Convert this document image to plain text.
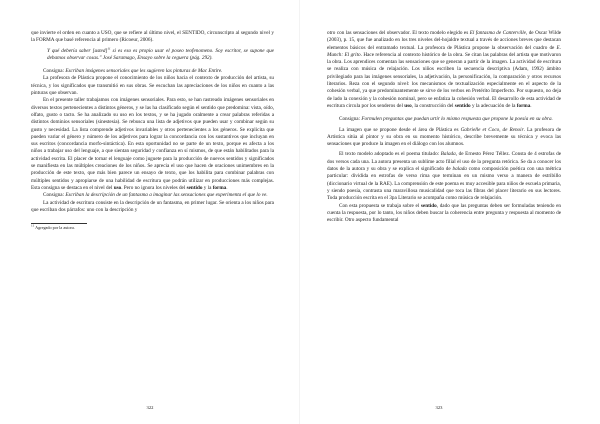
que invierte el orden en cuanto a USO, que se refiere al último nivel, el SENTIDO, circunscripto al segundo nivel y la FORMA que basé referencia al primero (Ricoeur, 2006).

Y qué debería saber [usted]$^{11}$ si es eso es propio usar el poseo teofenomeno. Soy escritor, se supone que debamos observar cosas." José Saramago, Ensayo sobre la ceguera (pág. 292).

Consigna: Escriban imágenes sensoriales que les sugieren las pinturas de Mac Entire.

La profesora de Plástica propone el conocimiento de los niños hacia el contexto de producción del artista, su técnica, y los significados que transmitió en sus obras. Se escuchan las apreciaciones de los niños en cuanto a las pinturas que observan.

En el presente taller trabajamos con imágenes sensoriales. Para esto, se han rastreado imágenes sensoriales en diversos textos pertenecientes a distintos géneros, y se las ha clasificado según el sentido que predomina: vista, oído, olfato, gusto o tacto. Se ha analizado su uso en los textos, y se ha jugado oralmente a crear palabras referidas a distintos dominios sensoriales (sinestesia). Se rebusca una lista de adjetivos que pueden usar y combinar según su gusto y necesidad. La lista comprende adjetivos invariables y otros pertenecientes a los géneros. Se explicita que pueden variar el género y número de los adjetivos para lograr la concordancia con los sustantivos que incluyan en sus escritos (concordancia morfo-sintáctica). En esta oportunidad no se parte de un texto, porque es afecta a los niños a trabajar uso del lenguaje, a que sientan seguridad y confianza en sí mismos, de que están habilitados para la actividad escrita. El placer de tornar el lenguaje como juguete para la producción de nuevos sentidos y significados se manifiesta en las múltiples creaciones de los niños. Se aprecia el uso que hacen de oraciones unimembres en la producción de este texto, que más bien parece un ensayo de texto, que los habilita para combinar palabras con múltiples sentidos y apropiarse de una habilidad de escritura que podrán utilizar en producciones más complejas. Esta consigna se destaca en el nivel del uso. Pero no ignora los niveles del sentido y la forma.

Consigna: Escriban la descripción de un fantasma a imaginar las sensaciones que experimenta el que lo ve.

La actividad de escritura consiste en la descripción de un fantasma, en primer lugar. Se orienta a los niños para que escriban dos párrafos: uno con la descripción y

$^{11}$ Agregado por la autora.

322

otro con las sensaciones del observador. El texto modelo elegido es El fantasma de Canterville, de Oscar Wilde (2003), p. 15, que fue analizado en los tres niveles del-hojaldre textual a través de acciones breves que destacan elementos básicos del entramado textual. La profesora de Plástica propone la observación del cuadro de E. Munch: El grito. Hace referencia al contexto histórico de la obra. Se citan las palabras del artista que motivaron la obra. Los aprendices comentan las sensaciones que se generan a partir de la imagen. La actividad de escritura se realiza con música de relajación. Los niños escriben la secuencia descriptiva (Adam, 1992) ámbito privilegiado para las imágenes sensoriales, la adjetivación, la personificación, la comparación y otros recursos literarios. Reza con el segundo nivel: los mecanismos de textualización especialmente en el aspecto de la cohesión verbal, ya que predominantemente se sirve de los verbos en Pretérito Imperfecto. Por supuesto, no deja de lado la conexión y la cohesión nominal, pero se enfatiza la cohesión verbal. El desarrollo de esta actividad de escritura circula por los senderos del uso, la construcción del sentido y la adecuación de la forma.

Consigna: Formulen preguntas que puedan urtir lo mismo respuesta que propone la poesía en su obra.

La imagen que se propone desde el área de Plástica es Gabrielle et Coco, de Renoir. La profesora de Artística sitúa al pintor y su obra en su momento histórico, describe brevemente su técnica y evoca las sensaciones que produce la imagen en el diálogo con los alumnos.

El texto modelo adoptado es el poema titulado: Balada, de Ernesto Pérez Téllez. Consta de 4 estrofas de dos versos cada una. La autora presenta un sublime acto filial el uso de la pregunta retórica. Se da a conocer los datos de la autora y su obra y se explica el significado de balada como composición poética con una métrica particular: dividida en estrofas de verso rima que terminan en un mismo verso a manera de estribillo (diccionario virtual de la RAE). La comprensión de este poema es muy accesible para niños de escuela primaria, y siendo poesía, contrasta una maravillosa musicalidad que toca las fibras del placer literario en sus lectores. Toda producción escrita en el 3pa Literario se acompaña como música de relajación.

Con esta propuesta se trabaja sobre el sentido, dado que las preguntas deben ser formuladas teniendo en cuenta la respuesta, por lo tanto, los niños deben buscar la coherencia entre pregunta y respuesta al momento de escribir. Otro aspecto fundamental

323
